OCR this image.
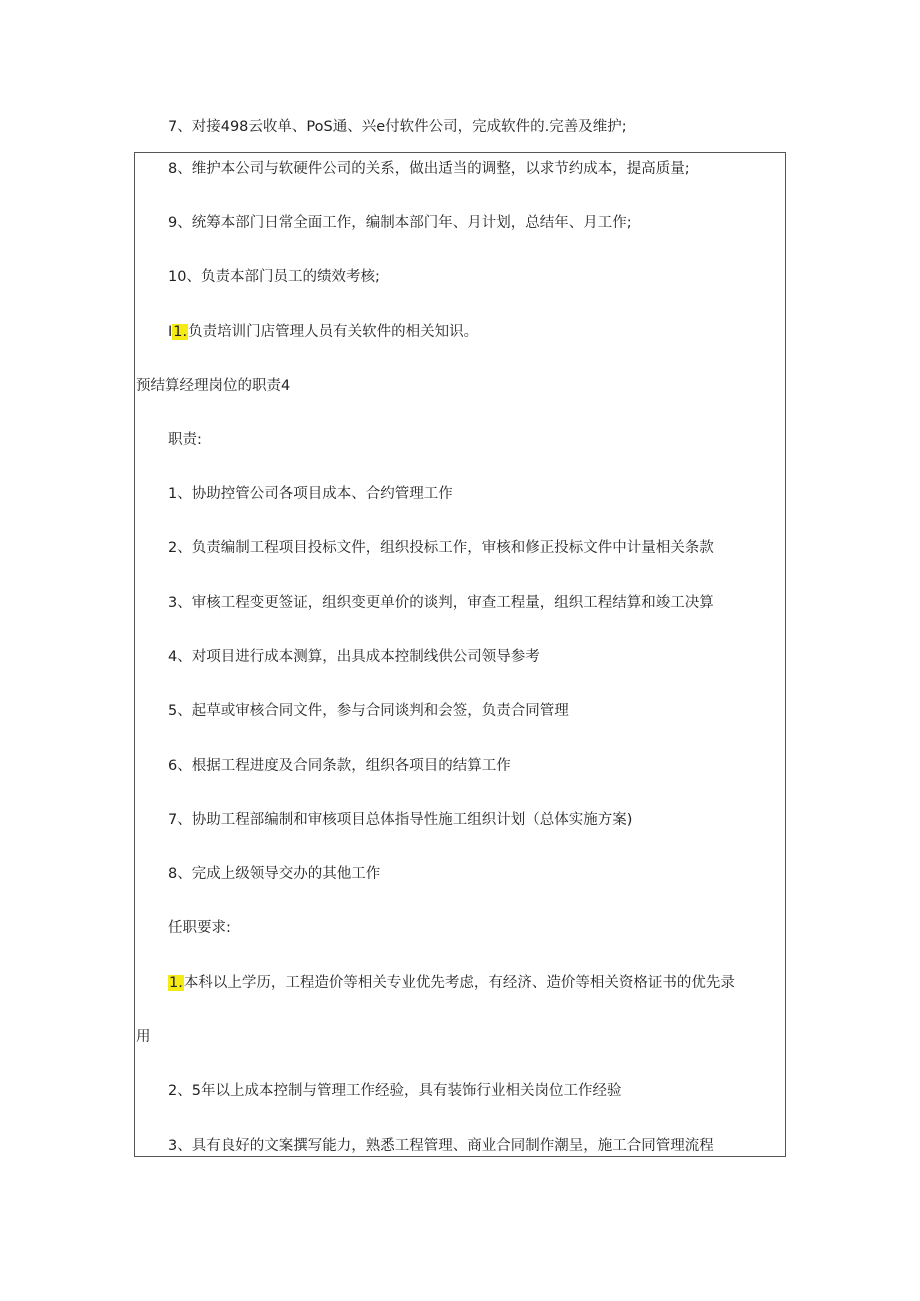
7、对接498云收单、PoS通、兴e付软件公司，完成软件的.完善及维护;
8、维护本公司与软硬件公司的关系，做出适当的调整，以求节约成本，提高质量;
9、统筹本部门日常全面工作，编制本部门年、月计划，总结年、月工作;
10、负责本部门员工的绩效考核;
I1.负责培训门店管理人员有关软件的相关知识。
预结算经理岗位的职责4
职责:
1、协助控管公司各项目成本、合约管理工作
2、负责编制工程项目投标文件，组织投标工作，审核和修正投标文件中计量相关条款
3、审核工程变更签证，组织变更单价的谈判，审查工程量，组织工程结算和竣工决算
4、对项目进行成本测算，出具成本控制线供公司领导参考
5、起草或审核合同文件，参与合同谈判和会签，负责合同管理
6、根据工程进度及合同条款，组织各项目的结算工作
7、协助工程部编制和审核项目总体指导性施工组织计划（总体实施方案)
8、完成上级领导交办的其他工作
任职要求:
1.本科以上学历，工程造价等相关专业优先考虑，有经济、造价等相关资格证书的优先录
用
2、5年以上成本控制与管理工作经验，具有装饰行业相关岗位工作经验
3、具有良好的文案撰写能力，熟悉工程管理、商业合同制作潮呈，施工合同管理流程
